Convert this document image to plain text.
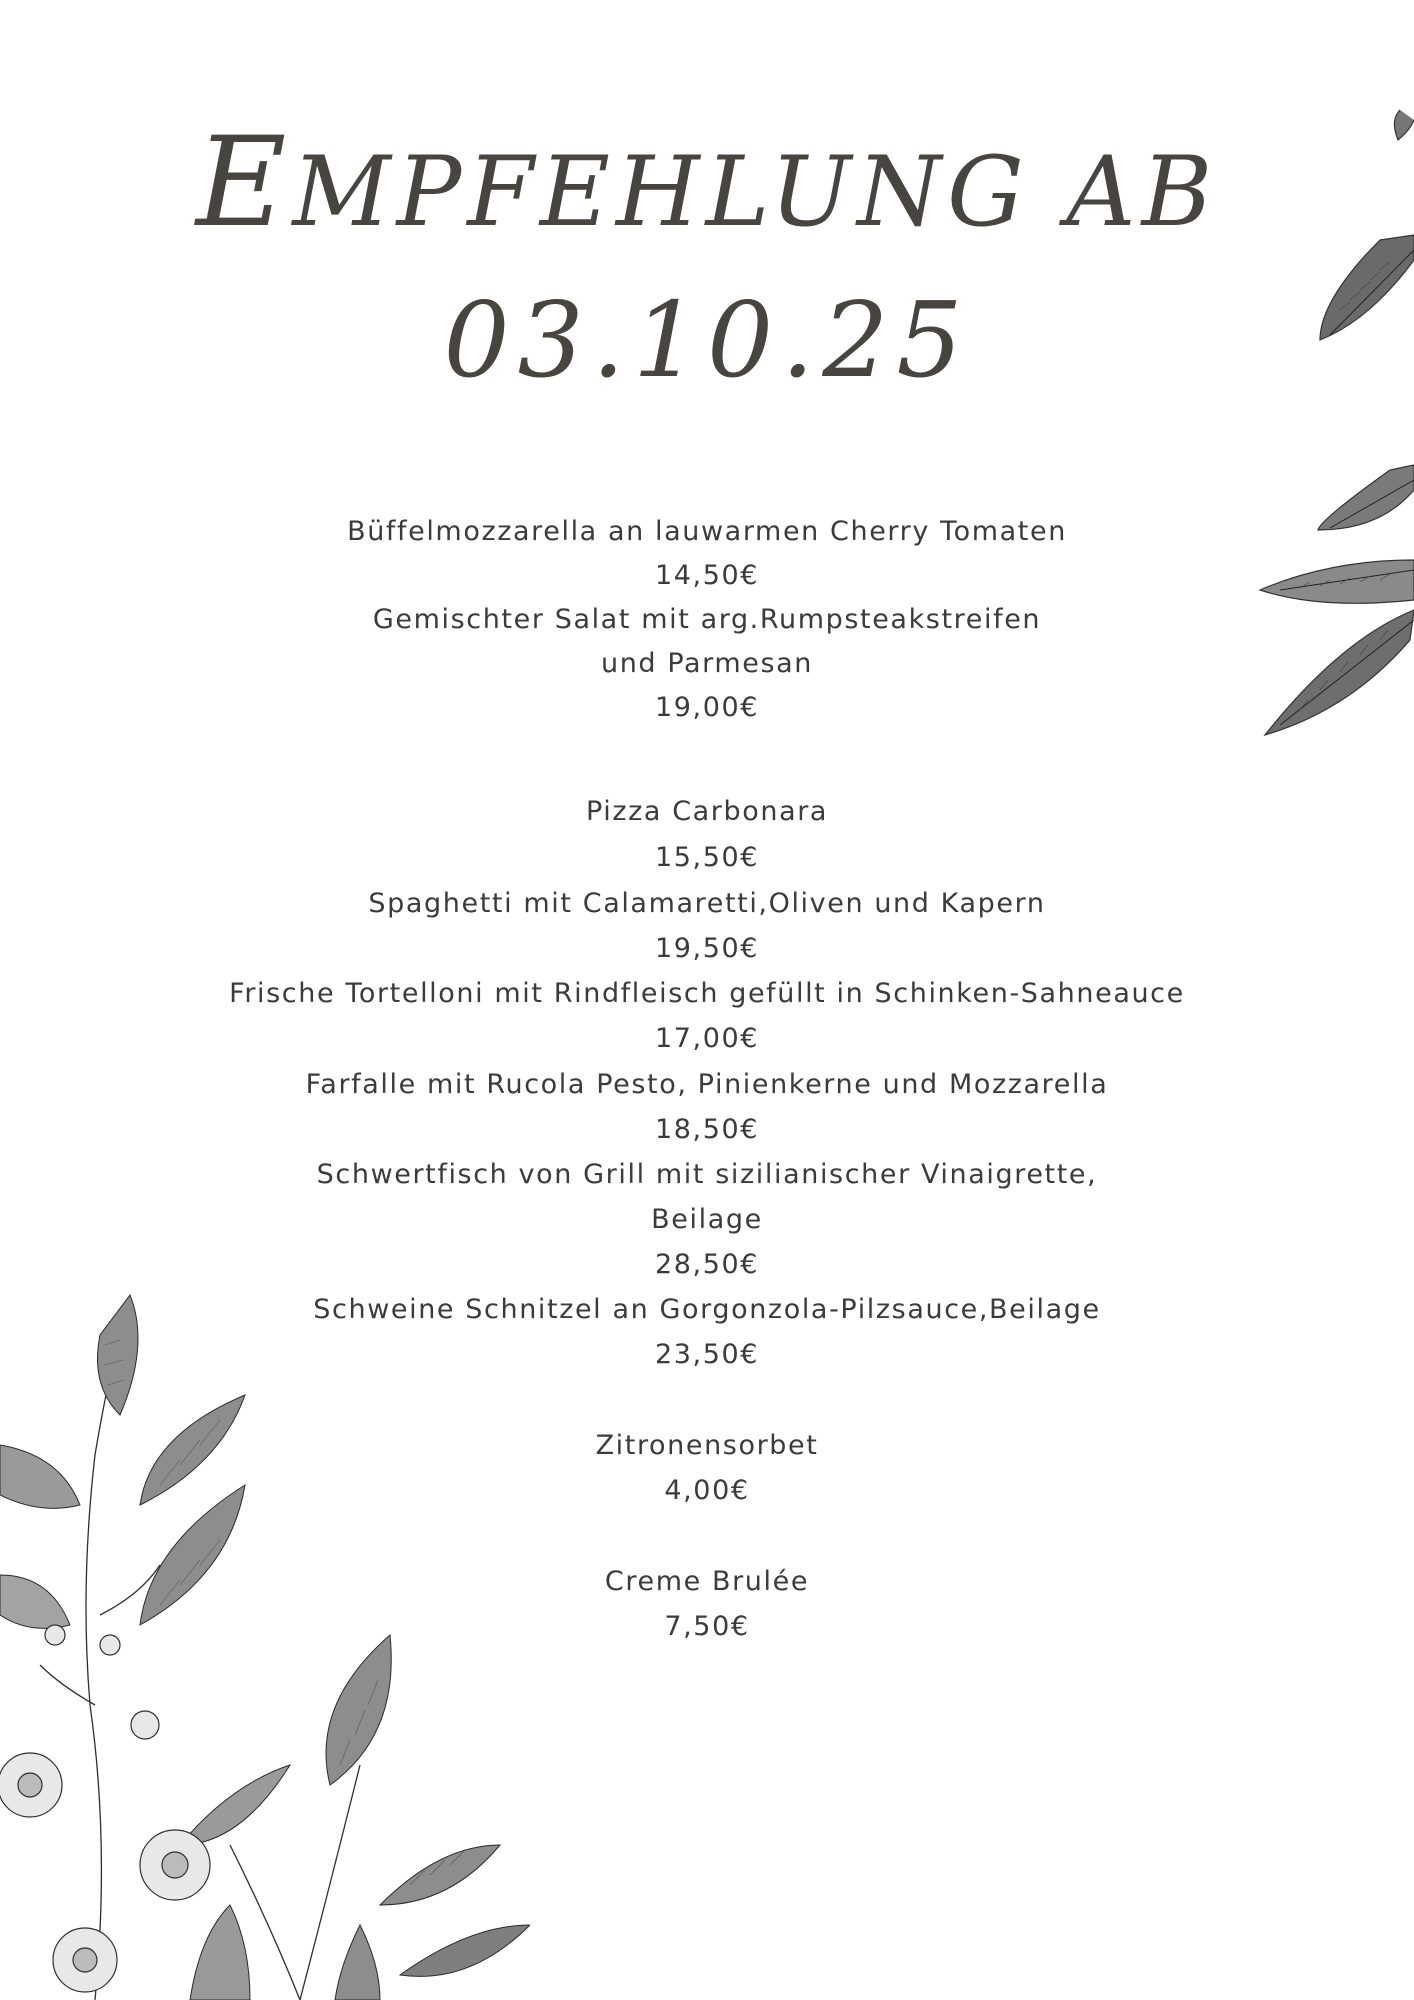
EMPFEHLUNG AB
03.10.25
Büffelmozzarella an lauwarmen Cherry Tomaten
14,50€
Gemischter Salat mit arg.Rumpsteakstreifen
und Parmesan
19,00€
Pizza Carbonara
15,50€
Spaghetti mit Calamaretti,Oliven und Kapern
19,50€
Frische Tortelloni mit Rindfleisch gefüllt in Schinken-Sahneauce
17,00€
Farfalle mit Rucola Pesto, Pinienkerne und Mozzarella
18,50€
Schwertfisch von Grill mit sizilianischer Vinaigrette,
Beilage
28,50€
Schweine Schnitzel an Gorgonzola-Pilzsauce,Beilage
23,50€
Zitronensorbet
4,00€
Creme Brulée
7,50€
